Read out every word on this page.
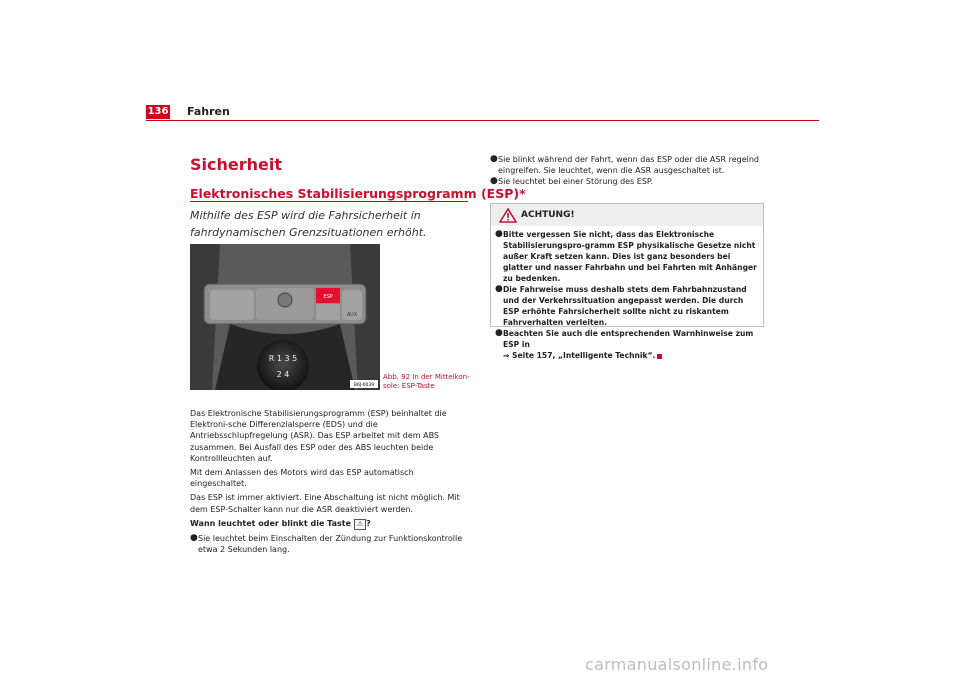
136 Fahren
Sicherheit
Elektronisches Stabilisierungsprogramm (ESP)*
Mithilfe des ESP wird die Fahrsicherheit in fahrdynamischen Grenzsituationen erhöht.
ESP
AUX
R 1 3 5
2 4
B6J-0039
Abb. 92 In der Mittelkon-sole: ESP-Taste

Das Elektronische Stabilisierungsprogramm (ESP) beinhaltet die Elektroni-sche Differenzialsperre (EDS) und die Antriebsschlupfregelung (ASR). Das ESP arbeitet mit dem ABS zusammen. Bei Ausfall des ESP oder des ABS leuchten beide Kontrollleuchten auf.

Mit dem Anlassen des Motors wird das ESP automatisch eingeschaltet.

Das ESP ist immer aktiviert. Eine Abschaltung ist nicht möglich. Mit dem ESP-Schalter kann nur die ASR deaktiviert werden.

Wann leuchtet oder blinkt die Taste ⚠ ?

● Sie leuchtet beim Einschalten der Zündung zur Funktionskontrolle etwa 2 Sekunden lang.
● Sie blinkt während der Fahrt, wenn das ESP oder die ASR regelnd eingreifen. Sie leuchtet, wenn die ASR ausgeschaltet ist.
● Sie leuchtet bei einer Störung des ESP.
ACHTUNG!
● Bitte vergessen Sie nicht, dass das Elektronische Stabilisierungspro-gramm ESP physikalische Gesetze nicht außer Kraft setzen kann. Dies ist ganz besonders bei glatter und nasser Fahrbahn und bei Fahrten mit Anhänger zu bedenken.
● Die Fahrweise muss deshalb stets dem Fahrbahnzustand und der Verkehrssituation angepasst werden. Die durch ESP erhöhte Fahrsicherheit sollte nicht zu riskantem Fahrverhalten verleiten.
● Beachten Sie auch die entsprechenden Warnhinweise zum ESP in
⇒ Seite 157, „Intelligente Technik“.
carmanualsonline.info
